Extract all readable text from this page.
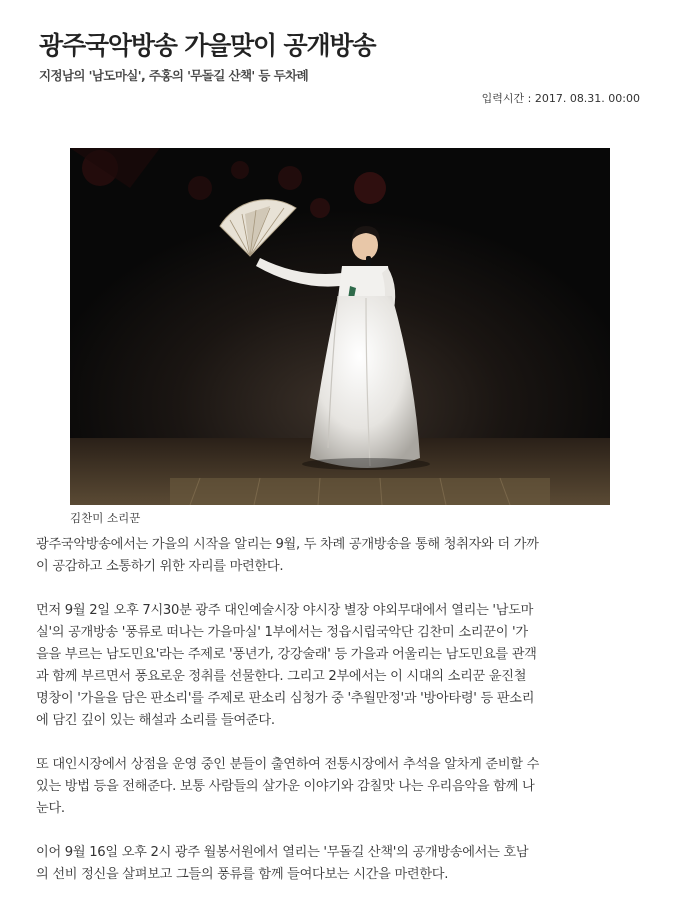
광주국악방송 가을맞이 공개방송
지정남의 '남도마실', 주홍의 '무돌길 산책' 등 두차례
입력시간 : 2017. 08.31. 00:00
김찬미 소리꾼
광주국악방송에서는 가을의 시작을 알리는 9월, 두 차례 공개방송을 통해 청취자와 더 가까
이 공감하고 소통하기 위한 자리를 마련한다.
먼저 9월 2일 오후 7시30분 광주 대인예술시장 야시장 별장 야외무대에서 열리는 '남도마
실'의 공개방송 '풍류로 떠나는 가을마실' 1부에서는 정읍시립국악단 김찬미 소리꾼이 '가
을을 부르는 남도민요'라는 주제로 '풍년가, 강강술래' 등 가을과 어울리는 남도민요를 관객
과 함께 부르면서 풍요로운 정취를 선물한다. 그리고 2부에서는 이 시대의 소리꾼 윤진철
명창이 '가을을 담은 판소리'를 주제로 판소리 심청가 중 '추월만정'과 '방아타령' 등 판소리
에 담긴 깊이 있는 해설과 소리를 들여준다.
또 대인시장에서 상점을 운영 중인 분들이 출연하여 전통시장에서 추석을 알차게 준비할 수
있는 방법 등을 전해준다. 보통 사람들의 살가운 이야기와 감칠맛 나는 우리음악을 함께 나
눈다.
이어 9월 16일 오후 2시 광주 월봉서원에서 열리는 '무돌길 산책'의 공개방송에서는 호남
의 선비 정신을 살펴보고 그들의 풍류를 함께 들여다보는 시간을 마련한다.
